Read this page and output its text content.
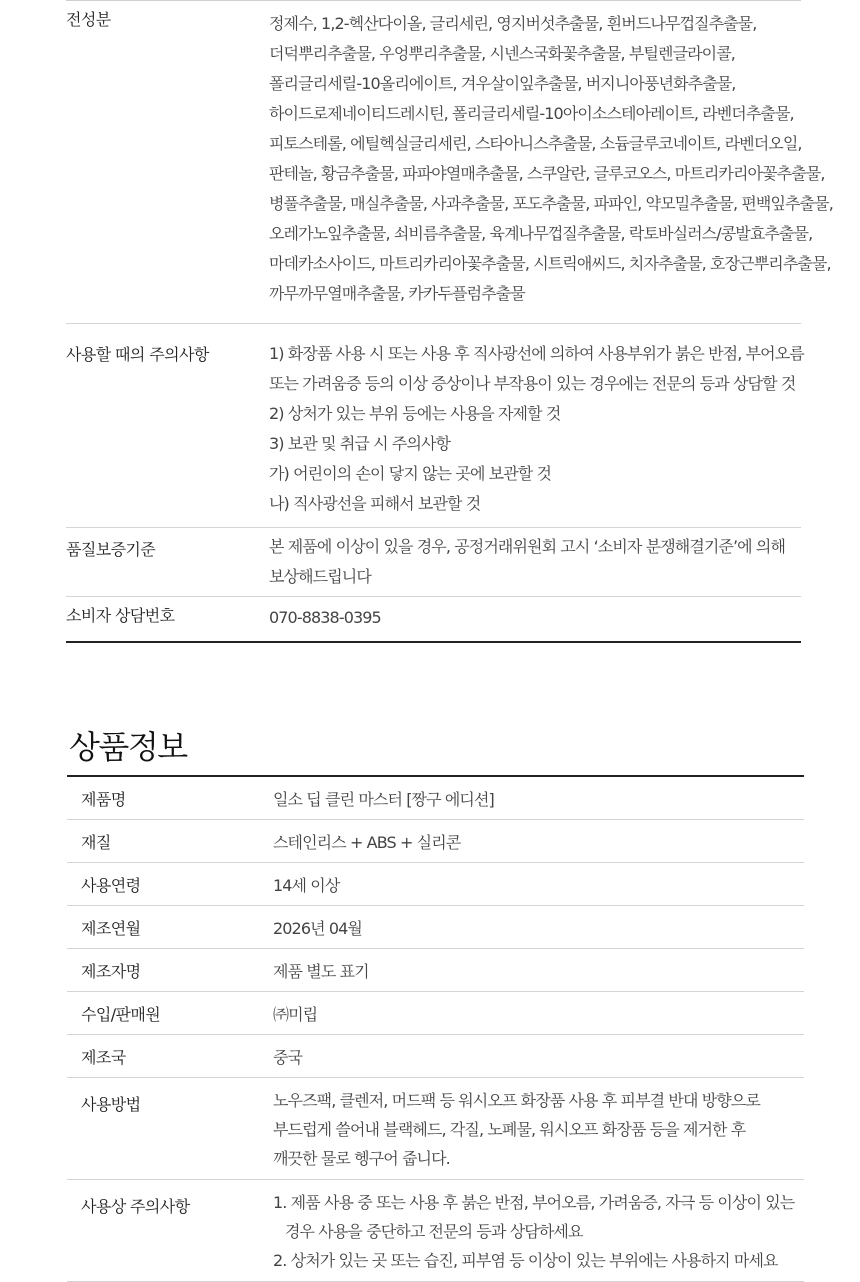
전성분	정제수, 1,2-헥산다이올, 글리세린, 영지버섯추출물, 흰버드나무껍질추출물,

더덕뿌리추출물, 우엉뿌리추출물, 시넨스국화꽃추출물, 부틸렌글라이콜,

폴리글리세릴-10올리에이트, 겨우살이잎추출물, 버지니아풍년화추출물,

하이드로제네이티드레시틴, 폴리글리세릴-10아이소스테아레이트, 라벤더추출물,

피토스테롤, 에틸헥실글리세린, 스타아니스추출물, 소듐글루코네이트, 라벤더오일,

판테놀, 황금추출물, 파파야열매추출물, 스쿠알란, 글루코오스, 마트리카리아꽃추출물,

병풀추출물, 매실추출물, 사과추출물, 포도추출물, 파파인, 약모밀추출물, 편백잎추출물,

오레가노잎추출물, 쇠비름추출물, 육계나무껍질추출물, 락토바실러스/콩발효추출물,

마데카소사이드, 마트리카리아꽃추출물, 시트릭애씨드, 치자추출물, 호장근뿌리추출물,

까무까무열매추출물, 카카두플럼추출물

사용할 때의 주의사항	1) 화장품 사용 시 또는 사용 후 직사광선에 의하여 사용부위가 붉은 반점, 부어오름

또는 가려움증 등의 이상 증상이나 부작용이 있는 경우에는 전문의 등과 상담할 것

2) 상처가 있는 부위 등에는 사용을 자제할 것

3) 보관 및 취급 시 주의사항

가) 어린이의 손이 닿지 않는 곳에 보관할 것

나) 직사광선을 피해서 보관할 것

품질보증기준	본 제품에 이상이 있을 경우, 공정거래위원회 고시 ‘소비자 분쟁해결기준’에 의해

보상해드립니다

소비자 상담번호	070-8838-0395

상품정보
제품명	일소 딥 클린 마스터 [짱구 에디션]
재질	스테인리스 + ABS + 실리콘
사용연령	14세 이상
제조연월	2026년 04월
제조자명	제품 별도 표기
수입/판매원	㈜미립
제조국	중국
사용방법	노우즈팩, 클렌저, 머드팩 등 워시오프 화장품 사용 후 피부결 반대 방향으로

부드럽게 쓸어내 블랙헤드, 각질, 노폐물, 워시오프 화장품 등을 제거한 후

깨끗한 물로 헹구어 줍니다.

사용상 주의사항	1. 제품 사용 중 또는 사용 후 붉은 반점, 부어오름, 가려움증, 자극 등 이상이 있는

경우 사용을 중단하고 전문의 등과 상담하세요

2. 상처가 있는 곳 또는 습진, 피부염 등 이상이 있는 부위에는 사용하지 마세요
